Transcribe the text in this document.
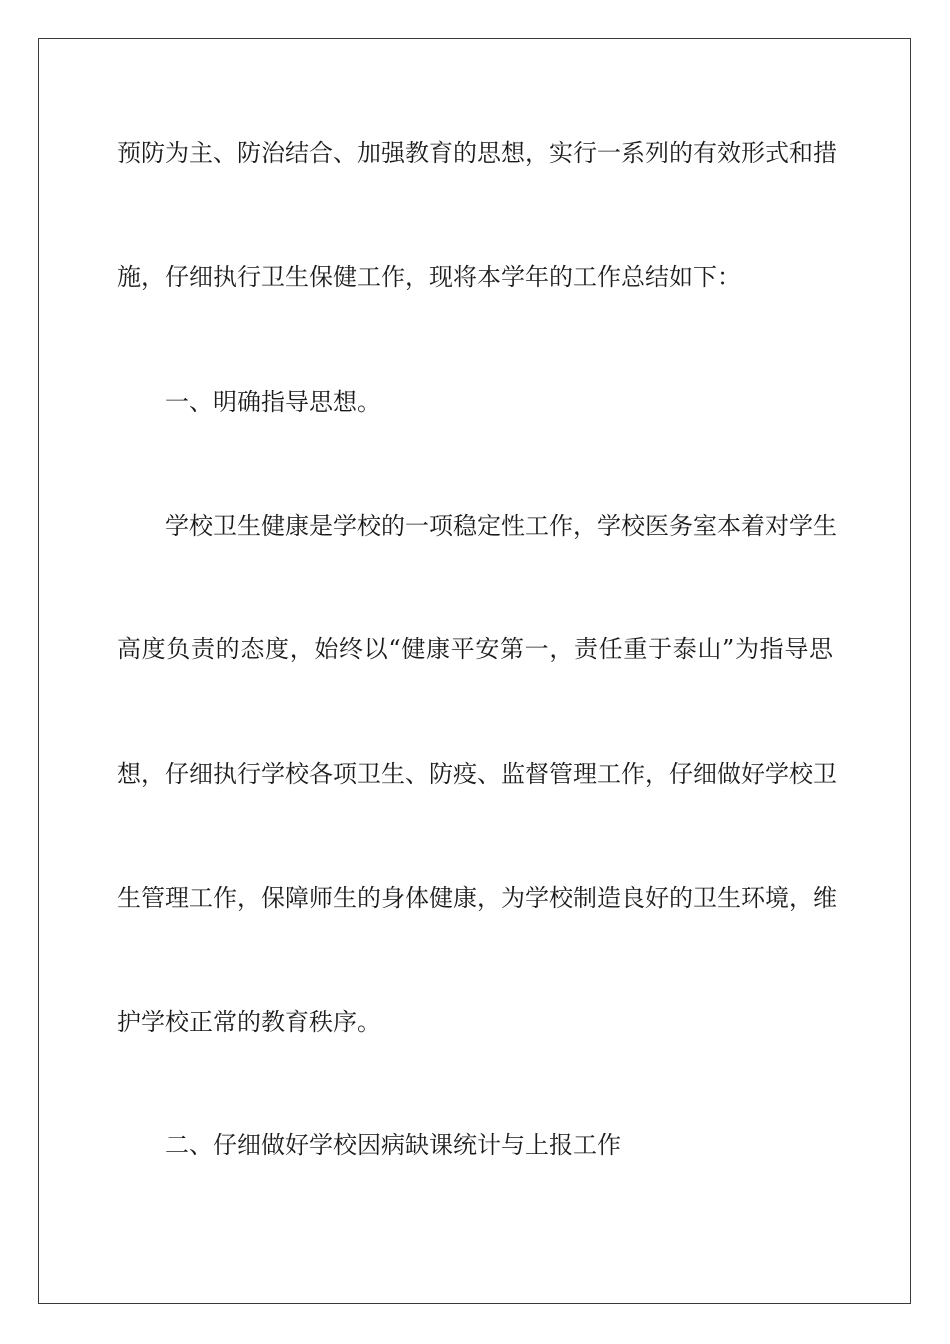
预防为主、防治结合、加强教育的思想，实行一系列的有效形式和措

施，仔细执行卫生保健工作，现将本学年的工作总结如下：

一、明确指导思想。

学校卫生健康是学校的一项稳定性工作，学校医务室本着对学生

高度负责的态度，始终以“健康平安第一，责任重于泰山”为指导思

想，仔细执行学校各项卫生、防疫、监督管理工作，仔细做好学校卫

生管理工作，保障师生的身体健康，为学校制造良好的卫生环境，维

护学校正常的教育秩序。

二、仔细做好学校因病缺课统计与上报工作
